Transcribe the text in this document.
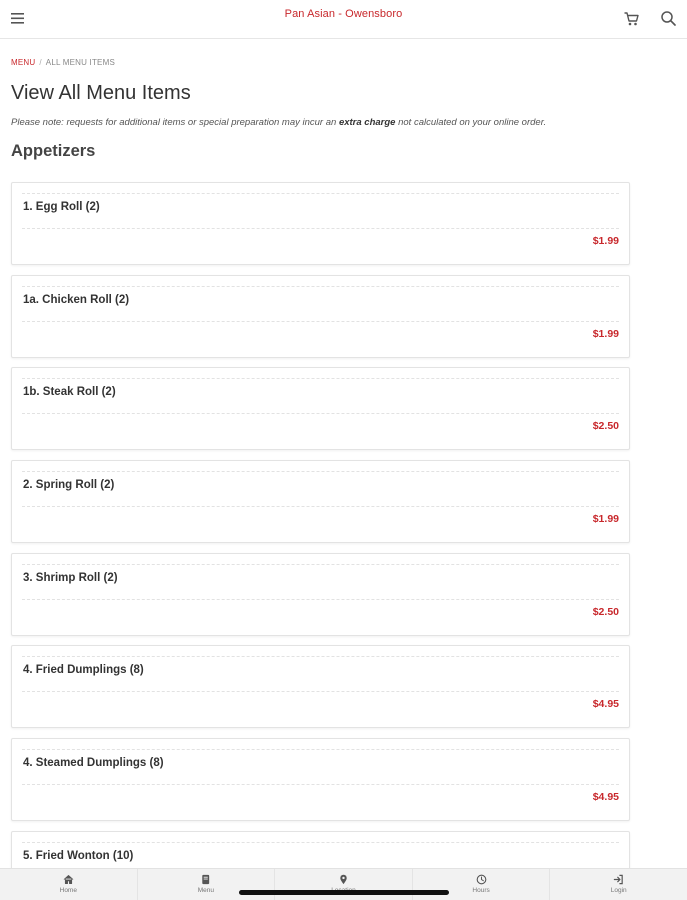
Pan Asian - Owensboro
MENU / ALL MENU ITEMS
View All Menu Items

Please note: requests for additional items or special preparation may incur an extra charge not calculated on your online order.

Appetizers
1. Egg Roll (2)
$1.99
1a. Chicken Roll (2)
$1.99
1b. Steak Roll (2)
$2.50
2. Spring Roll (2)
$1.99
3. Shrimp Roll (2)
$2.50
4. Fried Dumplings (8)
$4.95
4. Steamed Dumplings (8)
$4.95
5. Fried Wonton (10)
Home	Menu	Hours	Login
